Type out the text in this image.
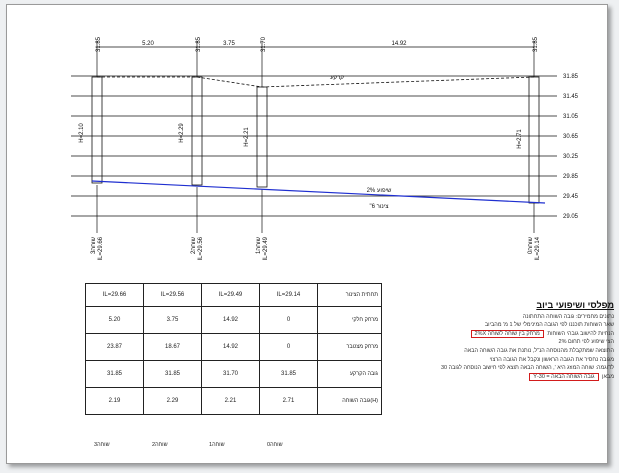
31.85	31.85	31.70	31.85
5.20	3.75	14.92
31.85
31.45
31.05
30.65
30.25
29.85
29.45
29.05
H=2.10	H=2.29	H=2.21	H=2.71
שוחה3 IL=29.66	שוחה2 IL=29.56	שוחה1 IL=29.49	שוחה0 IL=29.14
קרקע
שיפוע 2%
צינור 6"
IL=29.66	IL=29.56	IL=29.49	IL=29.14	תחתית הצינור
5.20	3.75	14.92	0	מרחק חלקי
23.87	18.67	14.92	0	מרחק מצטבר
31.85	31.85	31.70	31.85	גובה הקרקע
2.19	2.29	2.21	2.71	גובה השוחה(H)
שוחה3	שוחה2	שוחה1	שוחה0
מפלסי ושיפועי ביוב
נתונים מחמירים: גובה השוחה התחתונה
שאר השוחות תוכננו לפי הגובה המינימלי של 1 מ' מהביוב
הנחיות להישוב גובהי השוחות מרחק בין שוחה לשוחה 2%X
הצי שיפוע לפי תחום 2%
התוצאה שמתקבלת מהנוסחה הנ"ל, נותנת את גובה השוחה הבאה
מגובה נחסיר את הגובה הראשון ונקבל את הגובה הרצוי
לדוגמה: שוחה המוזג היא ', השוחה הבאה תוצא לפי חישוב הנוסחה לגובה 30
מבאן גובה השוחה הבאה = 30-Y
